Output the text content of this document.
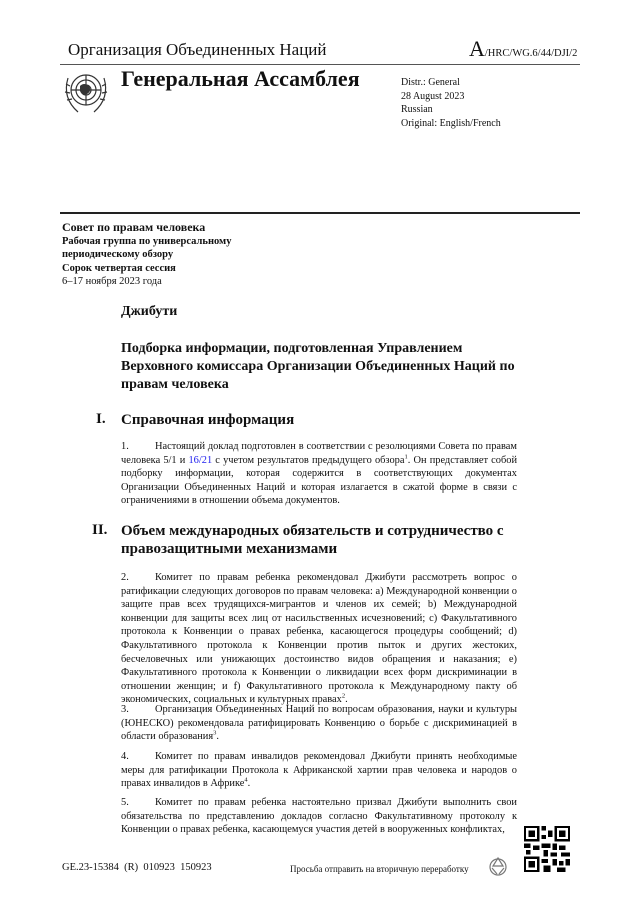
Организация Объединенных Наций	A/HRC/WG.6/44/DJI/2
Генеральная Ассамблея	Distr.: General
28 August 2023
Russian
Original: English/French
Совет по правам человека
Рабочая группа по универсальному
периодическому обзору
Сорок четвертая сессия
6–17 ноября 2023 года
Джибути
Подборка информации, подготовленная Управлением Верховного комиссара Организации Объединенных Наций по правам человека
I. Справочная информация
1.	Настоящий доклад подготовлен в соответствии с резолюциями Совета по правам человека 5/1 и 16/21 с учетом результатов предыдущего обзора$^1$. Он представляет собой подборку информации, которая содержится в соответствующих документах Организации Объединенных Наций и которая излагается в сжатой форме в связи с ограничениями в отношении объема документов.
II. Объем международных обязательств и сотрудничество с правозащитными механизмами
2.	Комитет по правам ребенка рекомендовал Джибути рассмотреть вопрос о ратификации следующих договоров по правам человека: a) Международной конвенции о защите прав всех трудящихся-мигрантов и членов их семей; b) Международной конвенции для защиты всех лиц от насильственных исчезновений; c) Факультативного протокола к Конвенции о правах ребенка, касающегося процедуры сообщений; d) Факультативного протокола к Конвенции против пыток и других жестоких, бесчеловечных или унижающих достоинство видов обращения и наказания; e) Факультативного протокола к Конвенции о ликвидации всех форм дискриминации в отношении женщин; и f) Факультативного протокола к Международному пакту об экономических, социальных и культурных правах$^2$.
3.	Организация Объединенных Наций по вопросам образования, науки и культуры (ЮНЕСКО) рекомендовала ратифицировать Конвенцию о борьбе с дискриминацией в области образования$^3$.
4.	Комитет по правам инвалидов рекомендовал Джибути принять необходимые меры для ратификации Протокола к Африканской хартии прав человека и народов о правах инвалидов в Африке$^4$.
5.	Комитет по правам ребенка настоятельно призвал Джибути выполнить свои обязательства по представлению докладов согласно Факультативному протоколу к Конвенции о правах ребенка, касающемуся участия детей в вооруженных конфликтах,
GE.23-15384  (R)  010923  150923	Просьба отправить на вторичную переработку
